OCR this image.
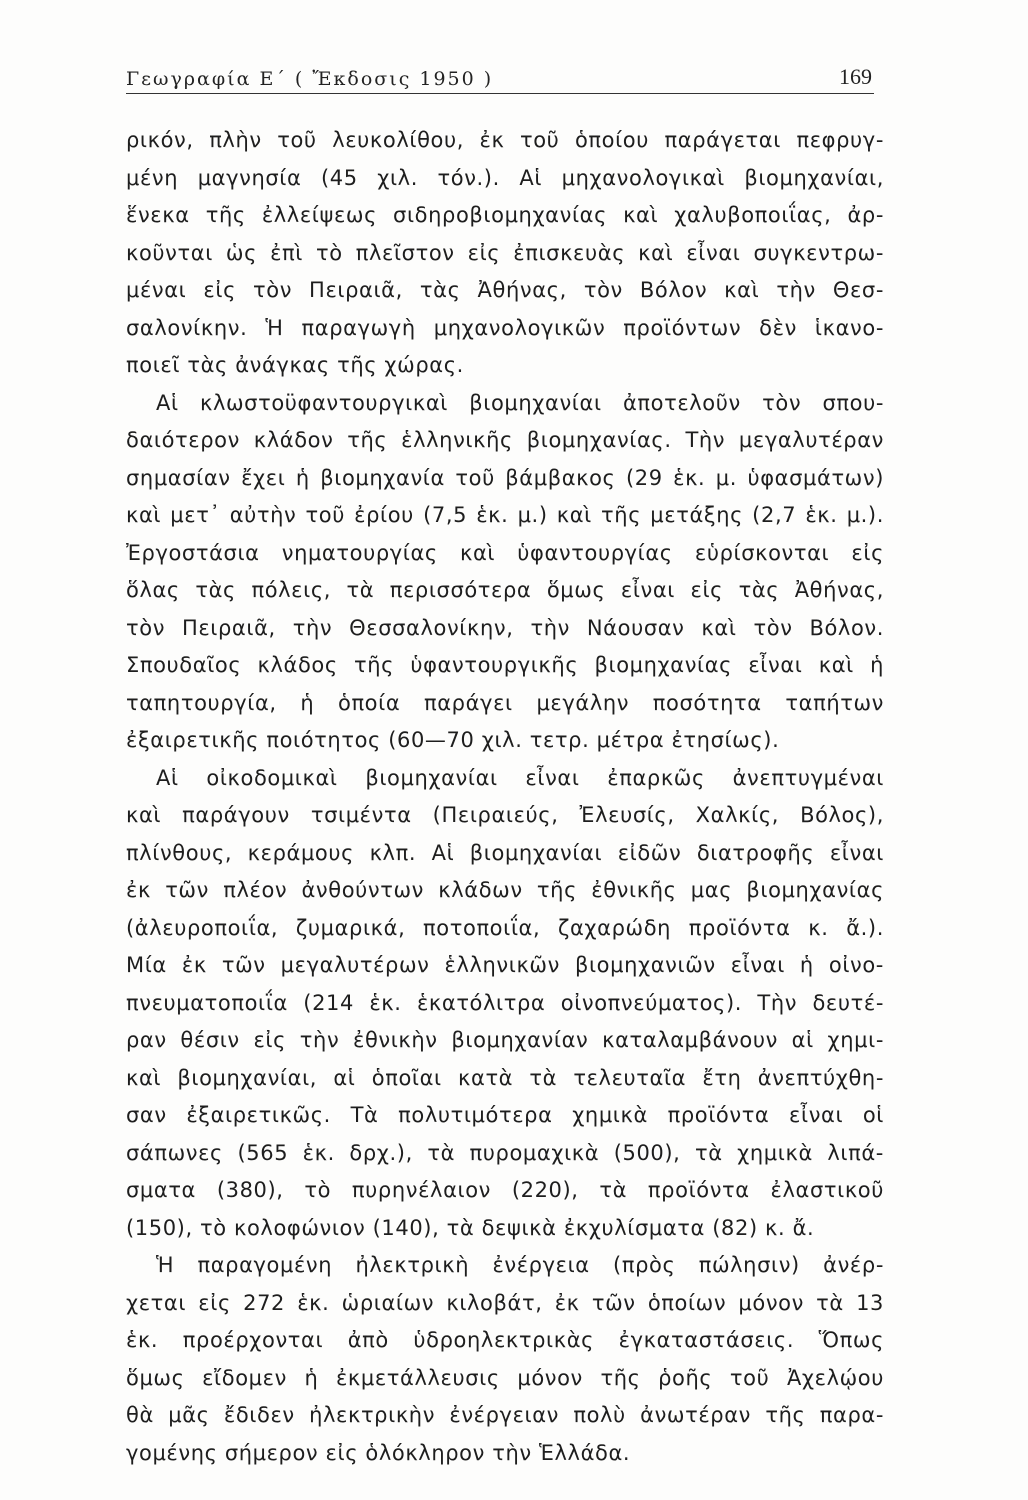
Γεωγραφία Ε΄ ( Ἔκδοσις 1950 )	169
ρικόν, πλὴν τοῦ λευκολίθου, ἐκ τοῦ ὁποίου παράγεται πεφρυγ-
μένη μαγνησία (45 χιλ. τόν.). Αἱ μηχανολογικαὶ βιομηχανίαι,
ἕνεκα τῆς ἐλλείψεως σιδηροβιομηχανίας καὶ χαλυβοποιΐας, ἀρ-
κοῦνται ὡς ἐπὶ τὸ πλεῖστον εἰς ἐπισκευὰς καὶ εἶναι συγκεντρω-
μέναι εἰς τὸν Πειραιᾶ, τὰς Ἀθήνας, τὸν Βόλον καὶ τὴν Θεσ-
σαλονίκην. Ἡ παραγωγὴ μηχανολογικῶν προϊόντων δὲν ἱκανο-
ποιεῖ τὰς ἀνάγκας τῆς χώρας.
Αἱ κλωστοϋφαντουργικαὶ βιομηχανίαι ἀποτελοῦν τὸν σπου-
δαιότερον κλάδον τῆς ἑλληνικῆς βιομηχανίας. Τὴν μεγαλυτέραν
σημασίαν ἔχει ἡ βιομηχανία τοῦ βάμβακος (29 ἑκ. μ. ὑφασμάτων)
καὶ μετ᾿ αὐτὴν τοῦ ἐρίου (7,5 ἑκ. μ.) καὶ τῆς μετάξης (2,7 ἑκ. μ.).
Ἐργοστάσια νηματουργίας καὶ ὑφαντουργίας εὑρίσκονται εἰς
ὅλας τὰς πόλεις, τὰ περισσότερα ὅμως εἶναι εἰς τὰς Ἀθήνας,
τὸν Πειραιᾶ, τὴν Θεσσαλονίκην, τὴν Νάουσαν καὶ τὸν Βόλον.
Σπουδαῖος κλάδος τῆς ὑφαντουργικῆς βιομηχανίας εἶναι καὶ ἡ
ταπητουργία, ἡ ὁποία παράγει μεγάλην ποσότητα ταπήτων
ἐξαιρετικῆς ποιότητος (60—70 χιλ. τετρ. μέτρα ἐτησίως).
Αἱ οἰκοδομικαὶ βιομηχανίαι εἶναι ἐπαρκῶς ἀνεπτυγμέναι
καὶ παράγουν τσιμέντα (Πειραιεύς, Ἐλευσίς, Χαλκίς, Βόλος),
πλίνθους, κεράμους κλπ. Αἱ βιομηχανίαι εἰδῶν διατροφῆς εἶναι
ἐκ τῶν πλέον ἀνθούντων κλάδων τῆς ἐθνικῆς μας βιομηχανίας
(ἀλευροποιΐα, ζυμαρικά, ποτοποιΐα, ζαχαρώδη προϊόντα κ. ἄ.).
Μία ἐκ τῶν μεγαλυτέρων ἑλληνικῶν βιομηχανιῶν εἶναι ἡ οἰνο-
πνευματοποιΐα (214 ἑκ. ἑκατόλιτρα οἰνοπνεύματος). Τὴν δευτέ-
ραν θέσιν εἰς τὴν ἐθνικὴν βιομηχανίαν καταλαμβάνουν αἱ χημι-
καὶ βιομηχανίαι, αἱ ὁποῖαι κατὰ τὰ τελευταῖα ἔτη ἀνεπτύχθη-
σαν ἐξαιρετικῶς. Τὰ πολυτιμότερα χημικὰ προϊόντα εἶναι οἱ
σάπωνες (565 ἑκ. δρχ.), τὰ πυρομαχικὰ (500), τὰ χημικὰ λιπά-
σματα (380), τὸ πυρηνέλαιον (220), τὰ προϊόντα ἐλαστικοῦ
(150), τὸ κολοφώνιον (140), τὰ δεψικὰ ἐκχυλίσματα (82) κ. ἄ.
Ἡ παραγομένη ἠλεκτρικὴ ἐνέργεια (πρὸς πώλησιν) ἀνέρ-
χεται εἰς 272 ἑκ. ὡριαίων κιλοβάτ, ἐκ τῶν ὁποίων μόνον τὰ 13
ἑκ. προέρχονται ἀπὸ ὑδροηλεκτρικὰς ἐγκαταστάσεις. Ὅπως
ὅμως εἴδομεν ἡ ἐκμετάλλευσις μόνον τῆς ῥοῆς τοῦ Ἀχελῴου
θὰ μᾶς ἔδιδεν ἠλεκτρικὴν ἐνέργειαν πολὺ ἀνωτέραν τῆς παρα-
γομένης σήμερον εἰς ὁλόκληρον τὴν Ἑλλάδα.
